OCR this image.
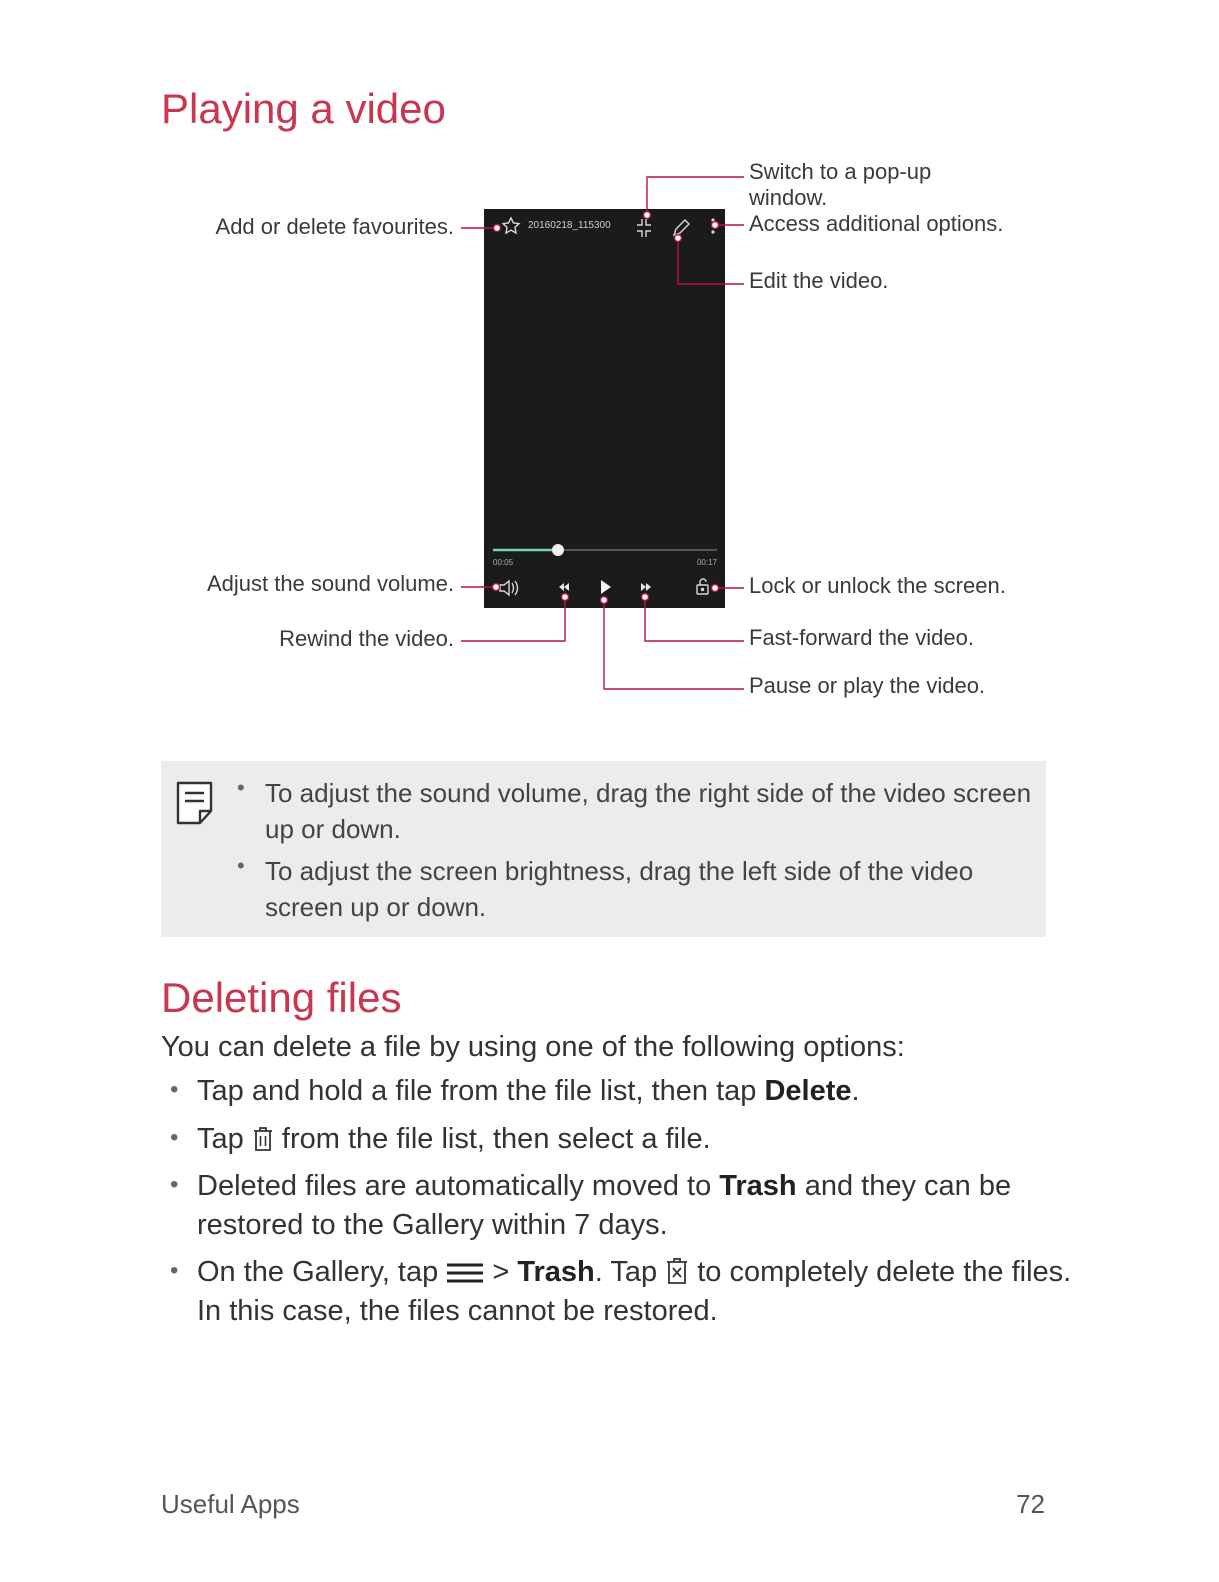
Playing a video
00:05	00:17
20160218_115300
Add or delete favourites.
Switch to a pop-up
window.
Access additional options.
Edit the video.
Adjust the sound volume.	Lock or unlock the screen.
Rewind the video.	Fast-forward the video.
Pause or play the video.
• To adjust the sound volume, drag the right side of the video screen
up or down.
• To adjust the screen brightness, drag the left side of the video
screen up or down.
Deleting files
You can delete a file by using one of the following options:
• Tap and hold a file from the file list, then tap Delete.
• Tap  from the file list, then select a file.
• Deleted files are automatically moved to Trash and they can be
restored to the Gallery within 7 days.
• On the Gallery, tap  > Trash. Tap  to completely delete the files.
In this case, the files cannot be restored.
Useful Apps	72
